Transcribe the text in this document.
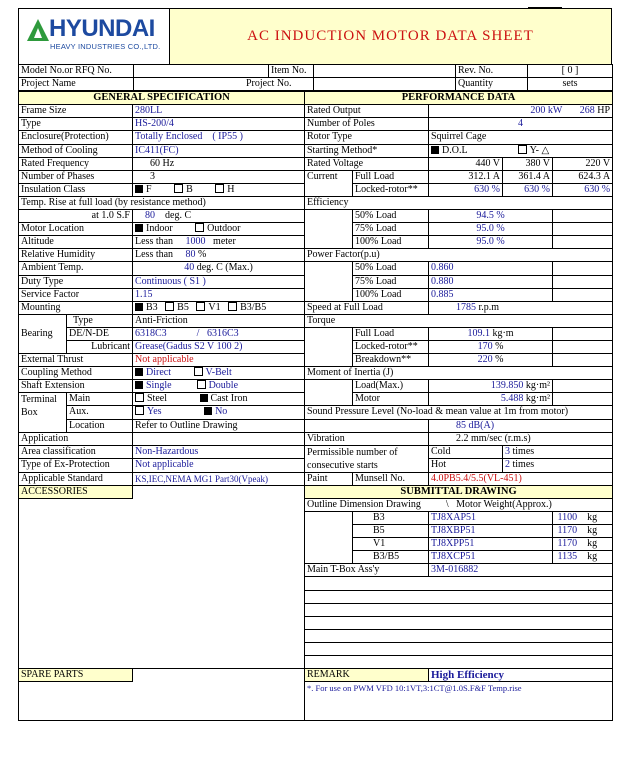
HYUNDAI
HEAVY INDUSTRIES CO.,LTD.
AC INDUCTION MOTOR DATA SHEET
Model No.or RFQ No.		Item No.		Rev. No.	[ 0 ]
Project Name	Project No.			Quantity	sets
GENERAL SPECIFICATION			PERFORMANCE DATA				
Frame Size		280LL	Rated Output		200 kW 268 HP		
Type		HS-200/4	Number of Poles		4		
Enclosure(Protection)		Totally Enclosed ( IP55 )	Rotor Type		Squirrel Cage		
Method of Cooling		IC411(FC)	Starting Method*		D.O.L Y- △		
Rated Frequency		60 Hz	Rated Voltage		440 V	380 V	220 V
Number of Phases		3	Current	Full Load	312.1 A	361.4 A	624.3 A
Insulation Class		F B H		Locked-rotor**	630 %	630 %	630 %
Temp. Rise at full load (by resistance method)			Efficiency				
at 1.0 S.F		80 deg. C		50% Load	94.5 %		
Motor Location		Indoor Outdoor		75% Load	95.0 %		
Altitude		Less than 1000 meter		100% Load	95.0 %		
Relative Humidity		Less than 80 %	Power Factor(p.u)				
Ambient Temp.		40 deg. C (Max.)		50% Load	0.860		
Duty Type		Continuous ( S1 )		75% Load	0.880		
Service Factor		1.15		100% Load	0.885		
Mounting		B3 B5 V1 B3/B5	Speed at Full Load		1785 r.p.m		
Bearing	Type	Anti-Friction	Torque				
	DE/N-DE	6318C3 / 6316C3		Full Load	109.1 kg·m		
	Lubricant	Grease(Gadus S2 V 100 2)		Locked-rotor**	170 %		
External Thrust		Not applicable		Breakdown**	220 %		
Coupling Method		Direct V-Belt	Moment of Inertia (J)				
Shaft Extension		Single Double		Load(Max.)	139.850 kg·m²		
Terminal
Box	Main	Steel Cast Iron		Motor	5.488 kg·m²		
	Aux.	Yes No	Sound Pressure Level (No-load & mean value at 1m from motor)				
	Location	Refer to Outline Drawing			85 dB(A)		
Application			Vibration		2.2 mm/sec (r.m.s)		
Area classification		Non-Hazardous	Permissible number of
consecutive starts		Cold	3 times	
Type of Ex-Protection		Not applicable			Hot	2 times	
Applicable Standard		KS,IEC,NEMA MG1 Part30(Vpeak)	Paint	Munsell No.	4.0PB5.4/5.5(VL-451)		
ACCESSORIES			SUBMITTAL DRAWING				
			Outline Dimension Drawing \ Motor Weight(Approx.)				
				B3	TJ8XAP51		1100 kg
				B5	TJ8XBP51		1170 kg
				V1	TJ8XPP51		1170 kg
				B3/B5	TJ8XCP51		1135 kg
			Main T-Box Ass'y		3M-016882		

SPARE PARTS			REMARK		High Efficiency		
			*. For use on PWM VFD 10:1VT,3:1CT@1.0S.F&F Temp.rise				
